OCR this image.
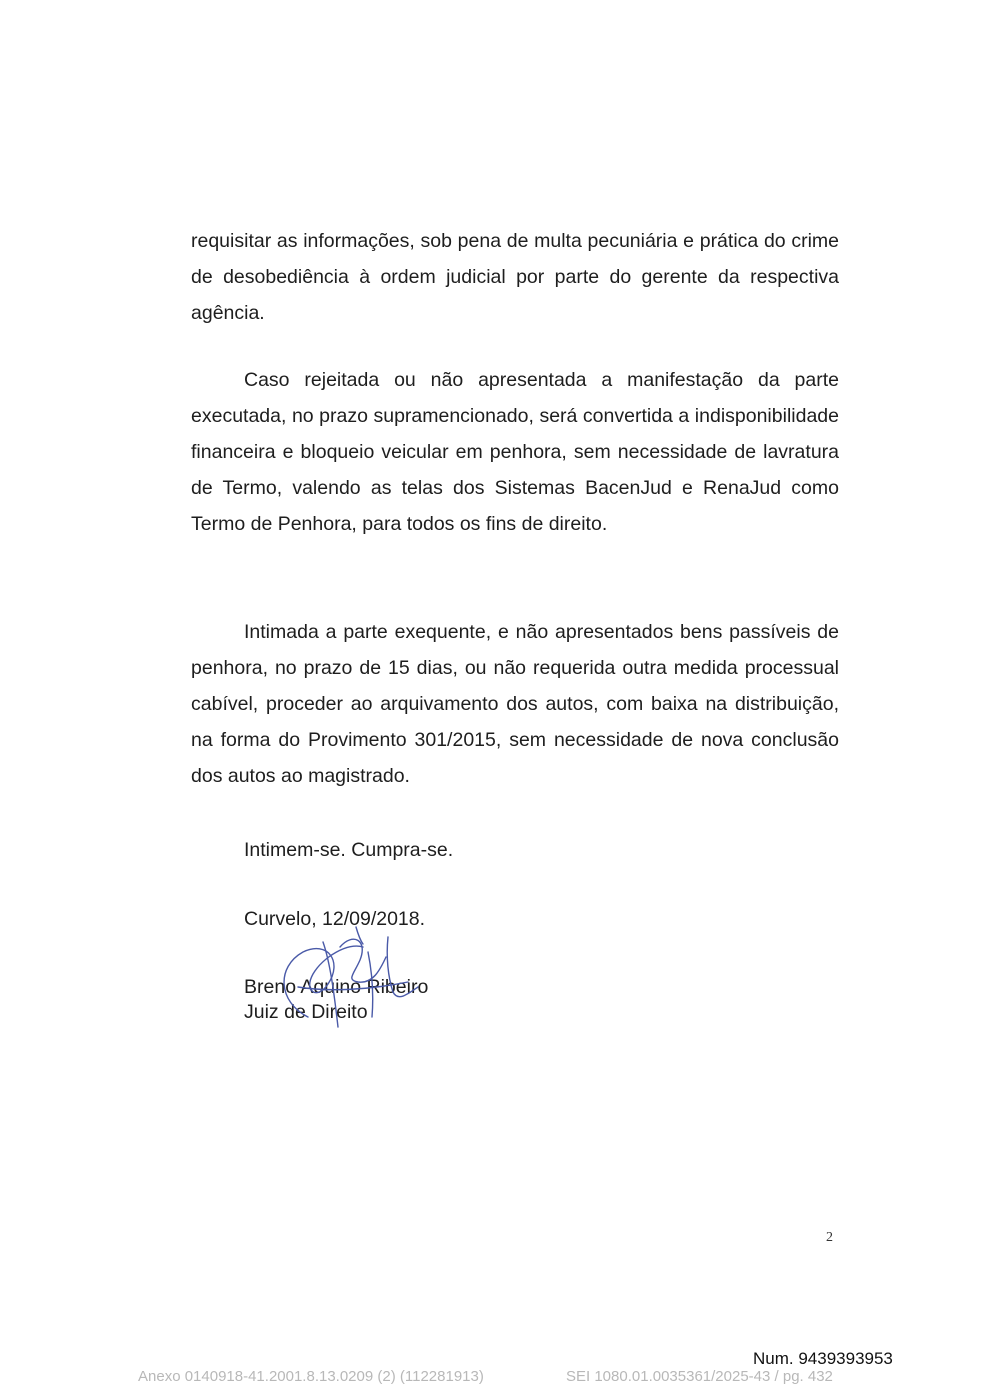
requisitar as informações, sob pena de multa pecuniária e prática do crime de desobediência à ordem judicial por parte do gerente da respectiva agência.

Caso rejeitada ou não apresentada a manifestação da parte executada, no prazo supramencionado, será convertida a indisponibilidade financeira e bloqueio veicular em penhora, sem necessidade de lavratura de Termo, valendo as telas dos Sistemas BacenJud e RenaJud como Termo de Penhora, para todos os fins de direito.

Intimada a parte exequente, e não apresentados bens passíveis de penhora, no prazo de 15 dias, ou não requerida outra medida processual cabível, proceder ao arquivamento dos autos, com baixa na distribuição, na forma do Provimento 301/2015, sem necessidade de nova conclusão dos autos ao magistrado.

Intimem-se. Cumpra-se.

Curvelo, 12/09/2018.

Breno Aquino Ribeiro

Juiz de Direito

2
Num. 9439393953
Anexo 0140918-41.2001.8.13.0209 (2) (112281913)	SEI 1080.01.0035361/2025-43 / pg. 432
